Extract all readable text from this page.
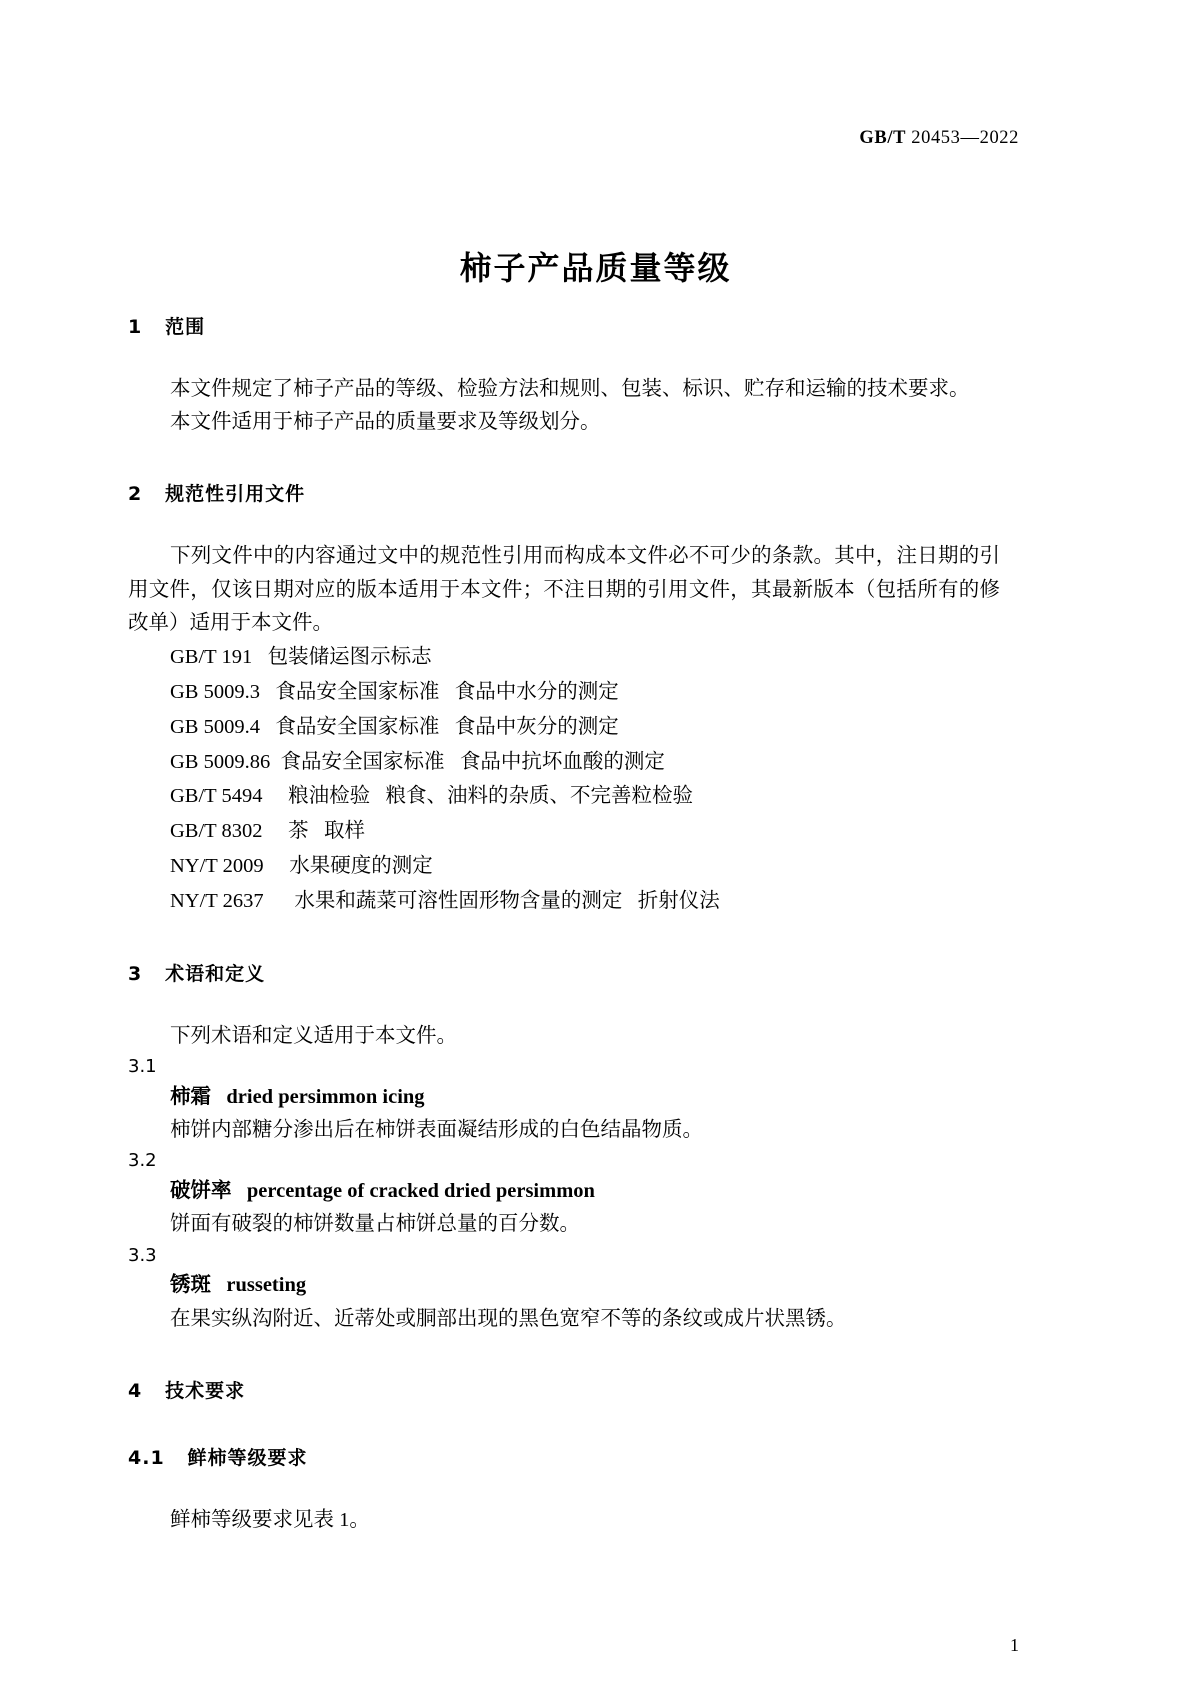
GB/T 20453—2022
柿子产品质量等级
1   范围

本文件规定了柿子产品的等级、检验方法和规则、包装、标识、贮存和运输的技术要求。

本文件适用于柿子产品的质量要求及等级划分。

2   规范性引用文件

下列文件中的内容通过文中的规范性引用而构成本文件必不可少的条款。其中，注日期的引用文件，仅该日期对应的版本适用于本文件；不注日期的引用文件，其最新版本（包括所有的修改单）适用于本文件。

GB/T 191 包装储运图示标志
GB 5009.3 食品安全国家标准   食品中水分的测定
GB 5009.4 食品安全国家标准   食品中灰分的测定
GB 5009.86 食品安全国家标准   食品中抗坏血酸的测定
GB/T 5494 粮油检验   粮食、油料的杂质、不完善粒检验
GB/T 8302 茶   取样
NY/T 2009 水果硬度的测定
NY/T 2637 水果和蔬菜可溶性固形物含量的测定   折射仪法
3   术语和定义

下列术语和定义适用于本文件。

3.1
柿霜 dried persimmon icing
柿饼内部糖分渗出后在柿饼表面凝结形成的白色结晶物质。
3.2
破饼率 percentage of cracked dried persimmon
饼面有破裂的柿饼数量占柿饼总量的百分数。
3.3
锈斑 russeting
在果实纵沟附近、近蒂处或胴部出现的黑色宽窄不等的条纹或成片状黑锈。
4   技术要求
4.1   鲜柿等级要求

鲜柿等级要求见表 1。

1
